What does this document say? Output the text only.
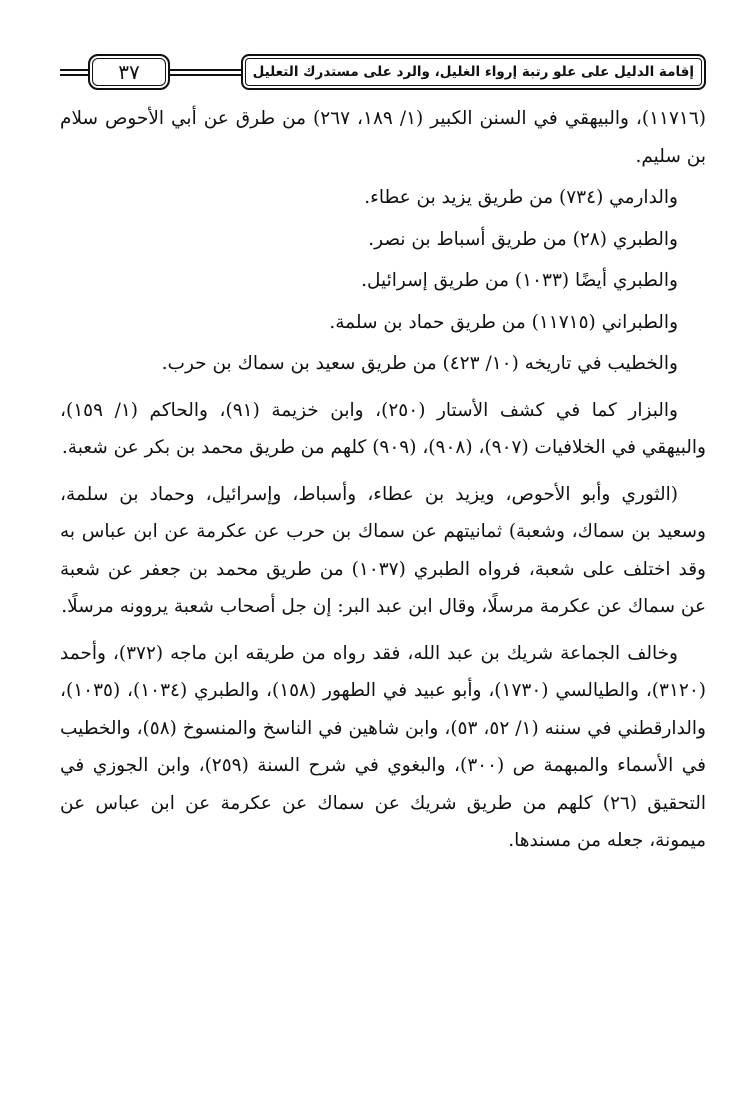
إقامة الدليل على علو رتبة إرواء الغليل، والرد على مستدرك التعليل
٣٧

(١١٧١٦)، والبيهقي في السنن الكبير (١/ ١٨٩، ٢٦٧) من طرق عن أبي الأحوص سلام بن سليم.

والدارمي (٧٣٤) من طريق يزيد بن عطاء.

والطبري (٢٨) من طريق أسباط بن نصر.

والطبري أيضًا (١٠٣٣) من طريق إسرائيل.

والطبراني (١١٧١٥) من طريق حماد بن سلمة.

والخطيب في تاريخه (١٠/ ٤٢٣) من طريق سعيد بن سماك بن حرب.

والبزار كما في كشف الأستار (٢٥٠)، وابن خزيمة (٩١)، والحاكم (١/ ١٥٩)، والبيهقي في الخلافيات (٩٠٧)، (٩٠٨)، (٩٠٩) كلهم من طريق محمد بن بكر عن شعبة.

(الثوري وأبو الأحوص، ويزيد بن عطاء، وأسباط، وإسرائيل، وحماد بن سلمة، وسعيد بن سماك، وشعبة) ثمانيتهم عن سماك بن حرب عن عكرمة عن ابن عباس به وقد اختلف على شعبة، فرواه الطبري (١٠٣٧) من طريق محمد بن جعفر عن شعبة عن سماك عن عكرمة مرسلًا، وقال ابن عبد البر: إن جل أصحاب شعبة يروونه مرسلًا.

وخالف الجماعة شريك بن عبد الله، فقد رواه من طريقه ابن ماجه (٣٧٢)، وأحمد (٣١٢٠)، والطيالسي (١٧٣٠)، وأبو عبيد في الطهور (١٥٨)، والطبري (١٠٣٤)، (١٠٣٥)، والدارقطني في سننه (١/ ٥٢، ٥٣)، وابن شاهين في الناسخ والمنسوخ (٥٨)، والخطيب في الأسماء والمبهمة ص (٣٠٠)، والبغوي في شرح السنة (٢٥٩)، وابن الجوزي في التحقيق (٢٦) كلهم من طريق شريك عن سماك عن عكرمة عن ابن عباس عن ميمونة، جعله من مسندها.
